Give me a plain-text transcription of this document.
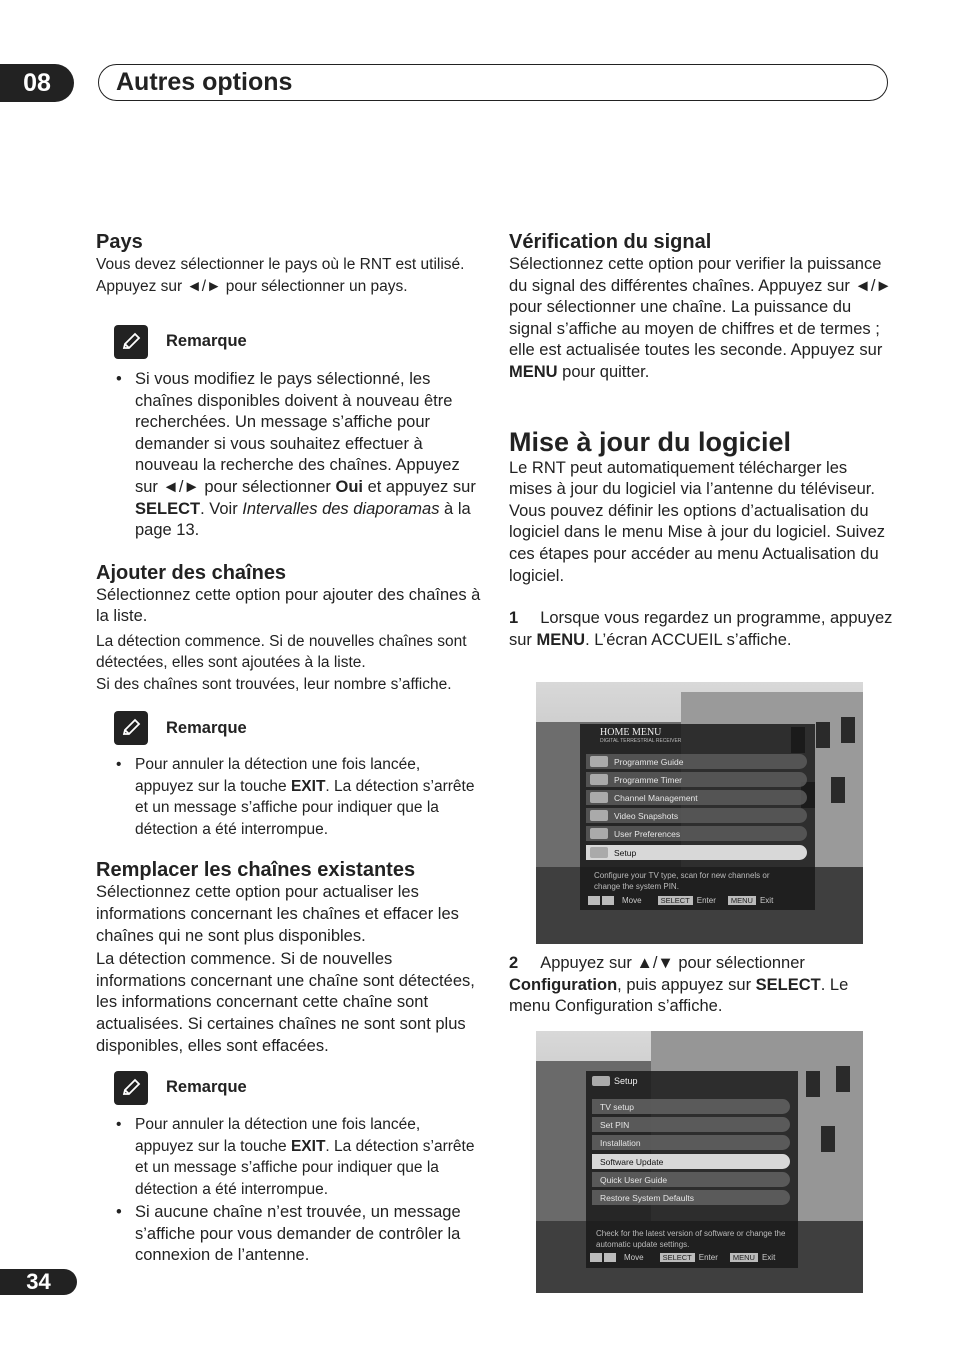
08	Autres options
Pays

Vous devez sélectionner le pays où le RNT est utilisé. Appuyez sur ◄/► pour sélectionner un pays.

Remarque
• Si vous modifiez le pays sélectionné, les chaînes disponibles doivent à nouveau être recherchées. Un message s’affiche pour demander si vous souhaitez effectuer à nouveau la recherche des chaînes. Appuyez sur ◄/► pour sélectionner Oui et appuyez sur SELECT. Voir Intervalles des diaporamas à la page 13.
Ajouter des chaînes

Sélectionnez cette option pour ajouter des chaînes à la liste.

La détection commence. Si de nouvelles chaînes sont détectées, elles sont ajoutées à la liste.

Si des chaînes sont trouvées, leur nombre s’affiche.

Remarque
• Pour annuler la détection une fois lancée, appuyez sur la touche EXIT. La détection s’arrête et un message s’affiche pour indiquer que la détection a été interrompue.
Remplacer les chaînes existantes

Sélectionnez cette option pour actualiser les informations concernant les chaînes et effacer les chaînes qui ne sont plus disponibles.

La détection commence. Si de nouvelles informations concernant une chaîne sont détectées, les informations concernant cette chaîne sont actualisées. Si certaines chaînes ne sont sont plus disponibles, elles sont effacées.

Remarque
• Pour annuler la détection une fois lancée, appuyez sur la touche EXIT. La détection s’arrête et un message s’affiche pour indiquer que la détection a été interrompue.
• Si aucune chaîne n’est trouvée, un message s’affiche pour vous demander de contrôler la connexion de l’antenne.
Vérification du signal

Sélectionnez cette option pour verifier la puissance du signal des différentes chaînes. Appuyez sur ◄/► pour sélectionner une chaîne. La puissance du signal s’affiche au moyen de chiffres et de termes ; elle est actualisée toutes les seconde. Appuyez sur MENU pour quitter.

Mise à jour du logiciel

Le RNT peut automatiquement télécharger les mises à jour du logiciel via l’antenne du téléviseur. Vous pouvez définir les options d’actualisation du logiciel dans le menu Mise à jour du logiciel. Suivez ces étapes pour accéder au menu Actualisation du logiciel.

1 Lorsque vous regardez un programme, appuyez sur MENU. L’écran ACCUEIL s’affiche.

2 Appuyez sur ▲/▼ pour sélectionner Configuration, puis appuyez sur SELECT. Le menu Configuration s’affiche.

HOME MENU
DIGITAL TERRESTRIAL RECEIVER
Programme Guide
Programme Timer
Channel Management
Video Snapshots
User Preferences
Setup
Configure your TV type, scan for new channels or change the system PIN.
Move	SELECT Enter	MENU Exit
Setup
TV setup
Set PIN
Installation
Software Update
Quick User Guide
Restore System Defaults
Check for the latest version of software or change the automatic update settings.
Move	SELECT Enter	MENU Exit
34
